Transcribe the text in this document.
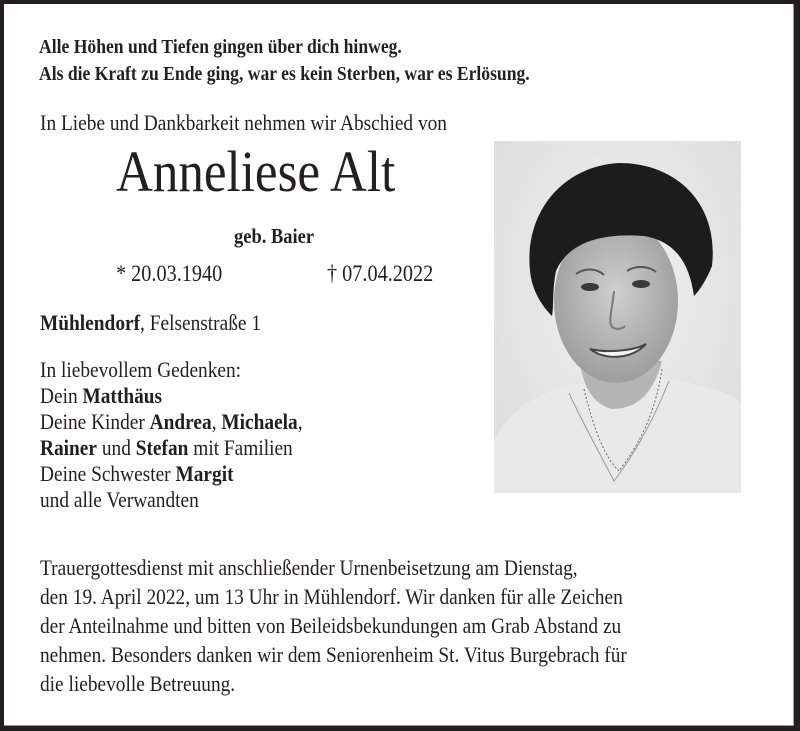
Alle Höhen und Tiefen gingen über dich hinweg.
Als die Kraft zu Ende ging, war es kein Sterben, war es Erlösung.
In Liebe und Dankbarkeit nehmen wir Abschied von
Anneliese Alt
geb. Baier
* 20.03.1940	† 07.04.2022
Mühlendorf, Felsenstraße 1
In liebevollem Gedenken:
Dein Matthäus
Deine Kinder Andrea, Michaela,
Rainer und Stefan mit Familien
Deine Schwester Margit
und alle Verwandten
Trauergottesdienst mit anschließender Urnenbeisetzung am Dienstag,
den 19. April 2022, um 13 Uhr in Mühlendorf. Wir danken für alle Zeichen
der Anteilnahme und bitten von Beileidsbekundungen am Grab Abstand zu
nehmen. Besonders danken wir dem Seniorenheim St. Vitus Burgebrach für
die liebevolle Betreuung.
